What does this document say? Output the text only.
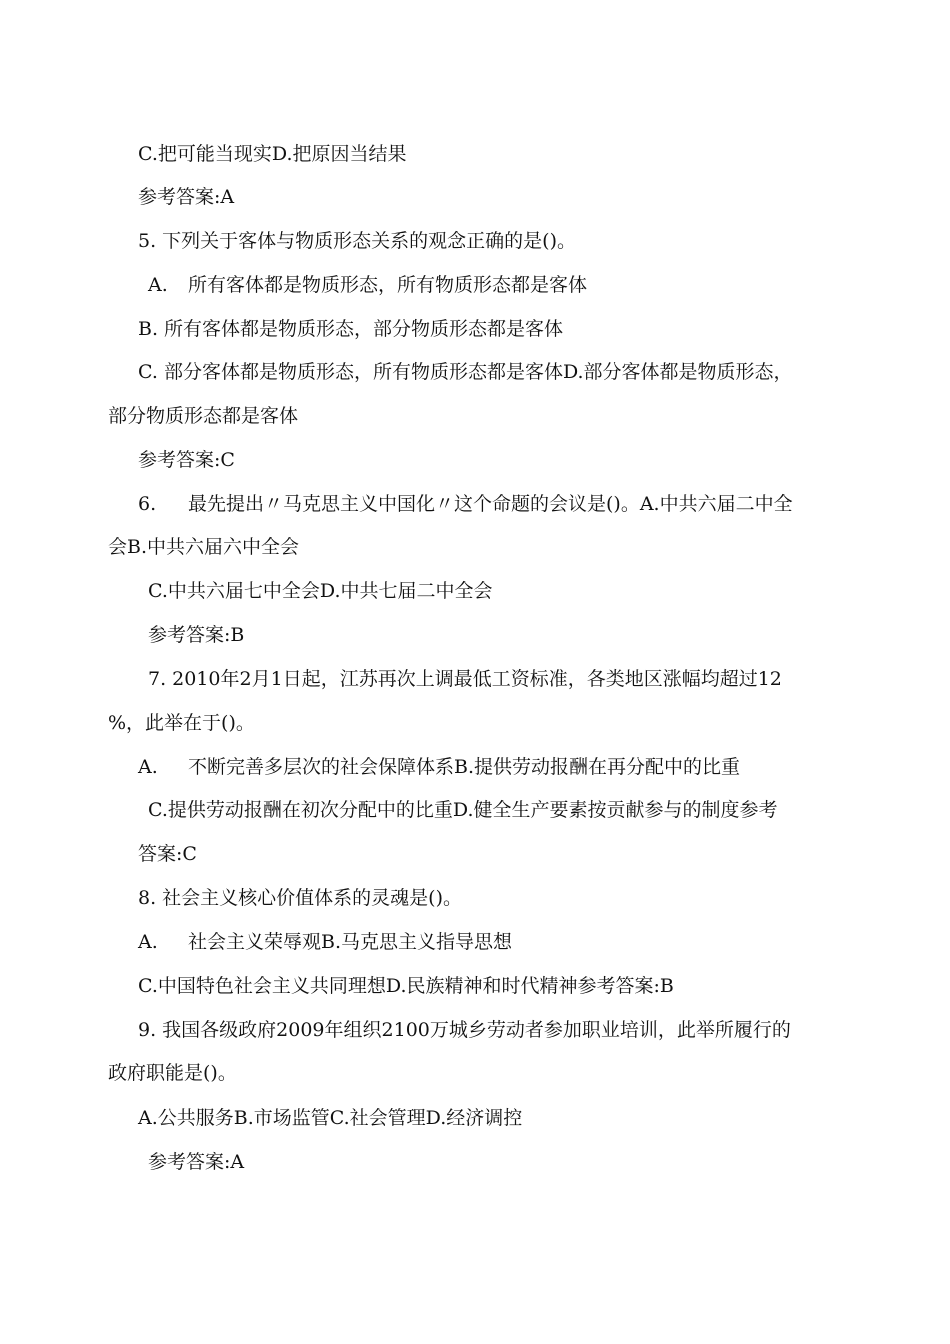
C.把可能当现实D.把原因当结果
参考答案:A
5. 下列关于客体与物质形态关系的观念正确的是()。
A. 所有客体都是物质形态，所有物质形态都是客体
B. 所有客体都是物质形态，部分物质形态都是客体
C. 部分客体都是物质形态，所有物质形态都是客体D.部分客体都是物质形态，
部分物质形态都是客体
参考答案:C
6. 最先提出〃马克思主义中国化〃这个命题的会议是()。A.中共六届二中全
会B.中共六届六中全会
C.中共六届七中全会D.中共七届二中全会
参考答案:B
7. 2010年2月1日起，江苏再次上调最低工资标准，各类地区涨幅均超过12
%，此举在于()。
A. 不断完善多层次的社会保障体系B.提供劳动报酬在再分配中的比重
C.提供劳动报酬在初次分配中的比重D.健全生产要素按贡献参与的制度参考
答案:C
8. 社会主义核心价值体系的灵魂是()。
A. 社会主义荣辱观B.马克思主义指导思想
C.中国特色社会主义共同理想D.民族精神和时代精神参考答案:B
9. 我国各级政府2009年组织2100万城乡劳动者参加职业培训，此举所履行的
政府职能是()。
A.公共服务B.市场监管C.社会管理D.经济调控
参考答案:A
